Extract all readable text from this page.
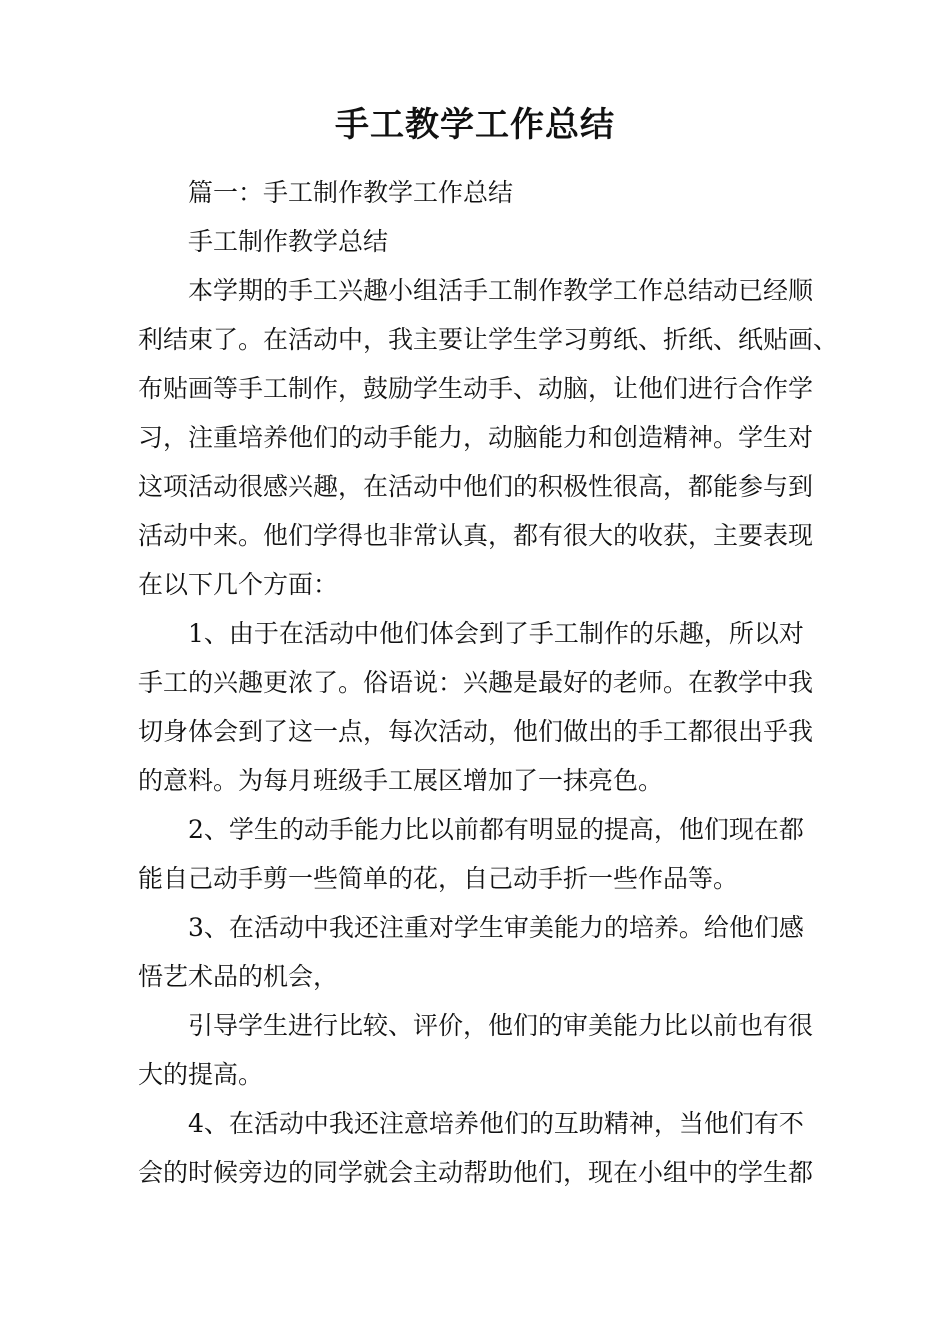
手工教学工作总结
篇一：手工制作教学工作总结
手工制作教学总结
本学期的手工兴趣小组活手工制作教学工作总结动已经顺
利结束了。在活动中，我主要让学生学习剪纸、折纸、纸贴画、
布贴画等手工制作，鼓励学生动手、动脑，让他们进行合作学
习，注重培养他们的动手能力，动脑能力和创造精神。学生对
这项活动很感兴趣，在活动中他们的积极性很高，都能参与到
活动中来。他们学得也非常认真，都有很大的收获，主要表现
在以下几个方面：
1、由于在活动中他们体会到了手工制作的乐趣，所以对
手工的兴趣更浓了。俗语说：兴趣是最好的老师。在教学中我
切身体会到了这一点，每次活动，他们做出的手工都很出乎我
的意料。为每月班级手工展区增加了一抹亮色。
2、学生的动手能力比以前都有明显的提高，他们现在都
能自己动手剪一些简单的花，自己动手折一些作品等。
3、在活动中我还注重对学生审美能力的培养。给他们感
悟艺术品的机会，
引导学生进行比较、评价，他们的审美能力比以前也有很
大的提高。
4、在活动中我还注意培养他们的互助精神，当他们有不
会的时候旁边的同学就会主动帮助他们，现在小组中的学生都
